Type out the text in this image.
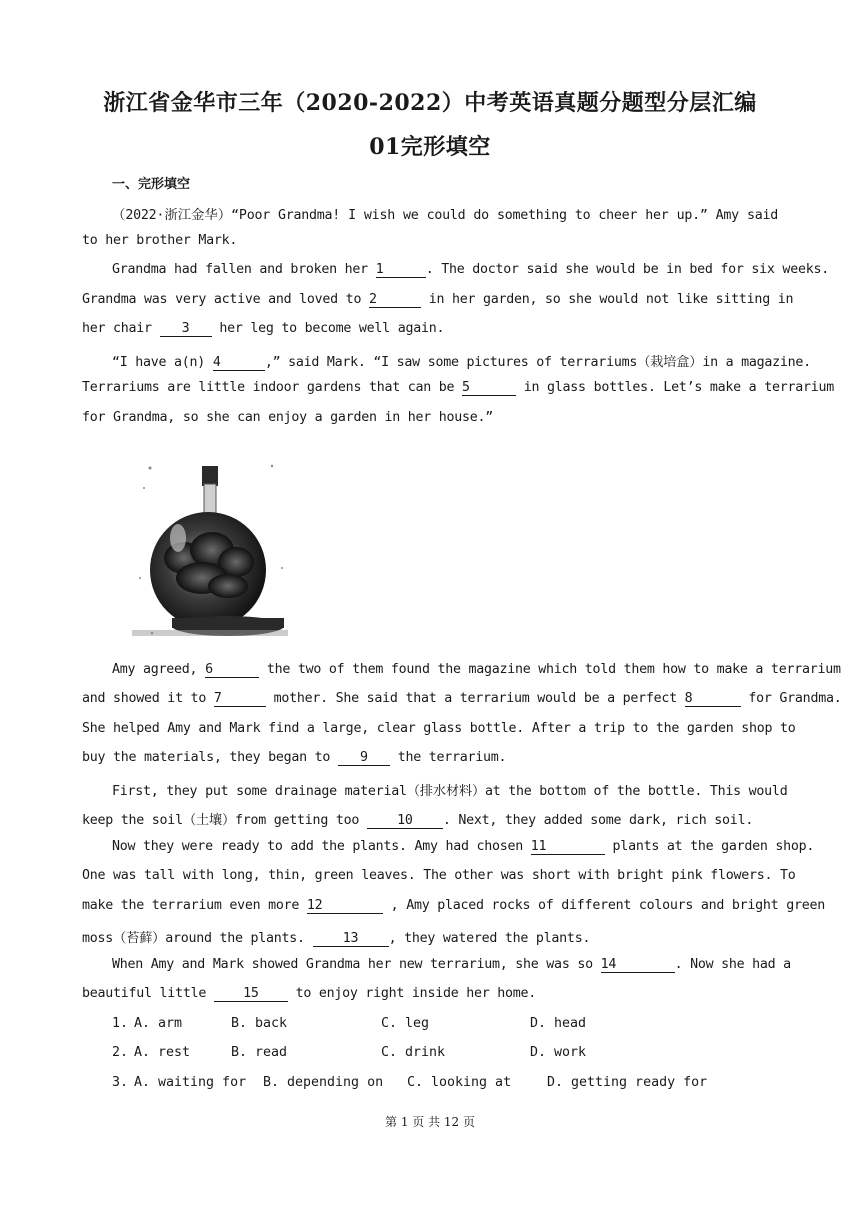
浙江省金华市三年（2020-2022）中考英语真题分题型分层汇编
01完形填空
一、完形填空
（2022·浙江金华）“Poor Grandma! I wish we could do something to cheer her up.” Amy said
to her brother Mark.
Grandma had fallen and broken her 1	. The doctor said she would be in bed for six weeks.
Grandma was very active and loved to 2	in her garden, so she would not like sitting in
her chair 3 her leg to become well again.
“I have a(n) 4	,” said Mark. “I saw some pictures of terrariums（栽培盒）in a magazine.
Terrariums are little indoor gardens that can be 5	in glass bottles. Let’s make a terrarium
for Grandma, so she can enjoy a garden in her house.”
Amy agreed, 6	the two of them found the magazine which told them how to make a terrarium
and showed it to 7	mother. She said that a terrarium would be a perfect 8	for Grandma.
She helped Amy and Mark find a large, clear glass bottle. After a trip to the garden shop to
buy the materials, they began to 9 the terrarium.
First, they put some drainage material（排水材料）at the bottom of the bottle. This would
keep the soil（土壤）from getting too 10 . Next, they added some dark, rich soil.
Now they were ready to add the plants. Amy had chosen 11	plants at the garden shop.
One was tall with long, thin, green leaves. The other was short with bright pink flowers. To
make the terrarium even more 12	, Amy placed rocks of different colours and bright green
moss（苔藓）around the plants. 13 , they watered the plants.
When Amy and Mark showed Grandma her new terrarium, she was so 14	. Now she had a
beautiful little 15 to enjoy right inside her home.
1. A. arm	B. back	C. leg	D. head
2. A. rest	B. read	C. drink	D. work
3. A. waiting for B. depending on C. looking at	D. getting ready for
第 1 页 共 12 页
